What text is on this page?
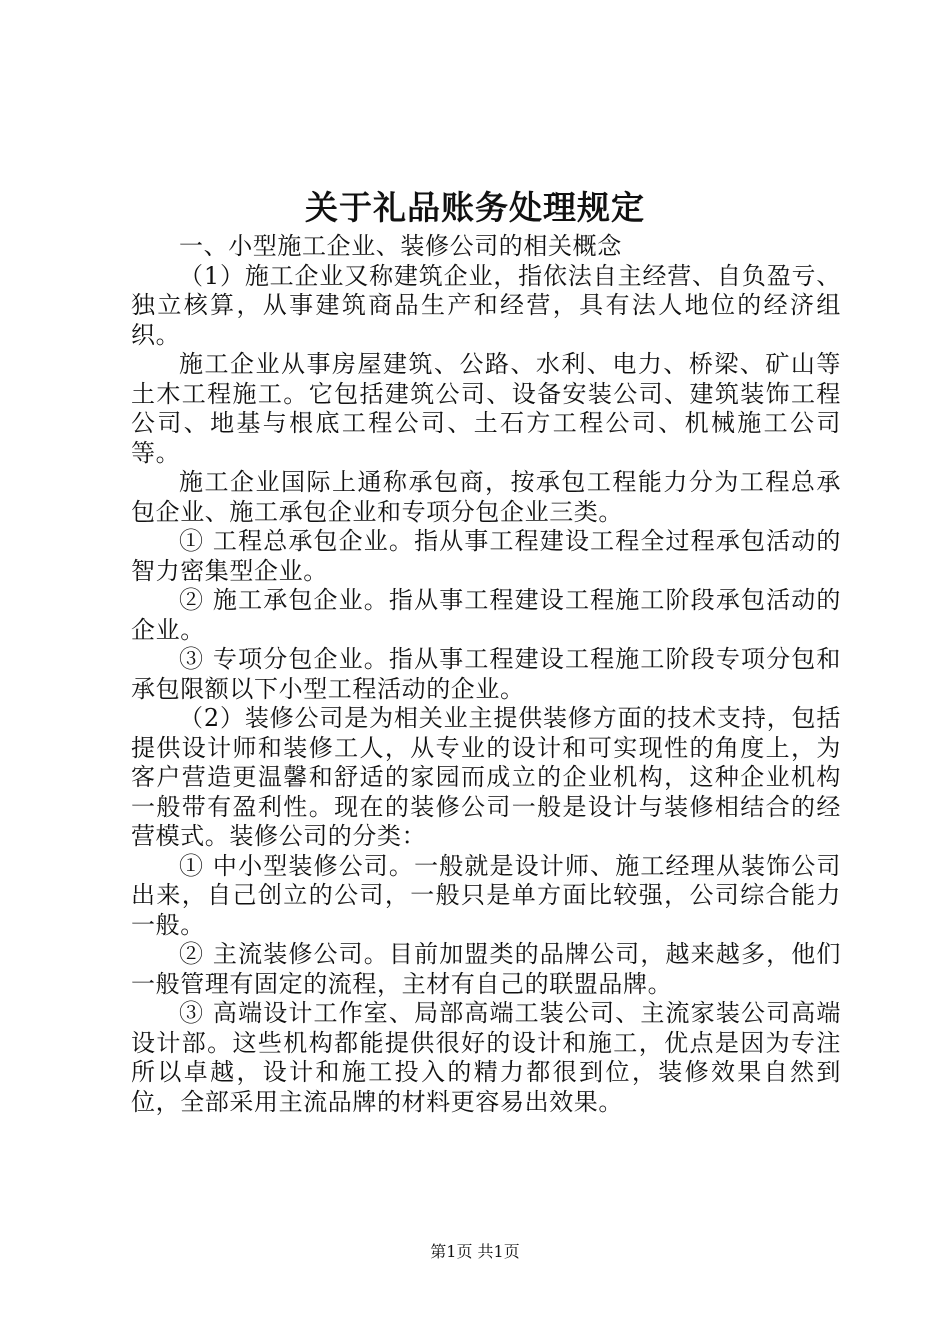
关于礼品账务处理规定

一、小型施工企业、装修公司的相关概念

（1）施工企业又称建筑企业，指依法自主经营、自负盈亏、独立核算，从事建筑商品生产和经营，具有法人地位的经济组织。

施工企业从事房屋建筑、公路、水利、电力、桥梁、矿山等土木工程施工。它包括建筑公司、设备安装公司、建筑装饰工程公司、地基与根底工程公司、土石方工程公司、机械施工公司等。

施工企业国际上通称承包商，按承包工程能力分为工程总承包企业、施工承包企业和专项分包企业三类。

① 工程总承包企业。指从事工程建设工程全过程承包活动的智力密集型企业。

② 施工承包企业。指从事工程建设工程施工阶段承包活动的企业。

③ 专项分包企业。指从事工程建设工程施工阶段专项分包和承包限额以下小型工程活动的企业。

（2）装修公司是为相关业主提供装修方面的技术支持，包括提供设计师和装修工人，从专业的设计和可实现性的角度上，为客户营造更温馨和舒适的家园而成立的企业机构，这种企业机构一般带有盈利性。现在的装修公司一般是设计与装修相结合的经营模式。装修公司的分类：

① 中小型装修公司。一般就是设计师、施工经理从装饰公司出来，自己创立的公司，一般只是单方面比较强，公司综合能力一般。

② 主流装修公司。目前加盟类的品牌公司，越来越多，他们一般管理有固定的流程，主材有自己的联盟品牌。

③ 高端设计工作室、局部高端工装公司、主流家装公司高端设计部。这些机构都能提供很好的设计和施工，优点是因为专注所以卓越，设计和施工投入的精力都很到位，装修效果自然到位，全部采用主流品牌的材料更容易出效果。

第1页 共1页
